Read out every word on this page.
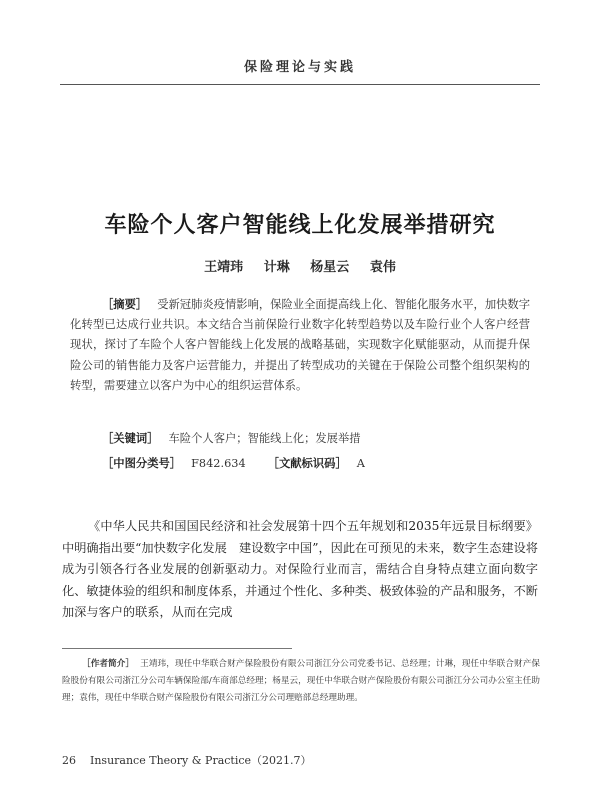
保险理论与实践
车险个人客户智能线上化发展举措研究
王靖玮 计琳 杨星云 袁伟
［摘要］ 受新冠肺炎疫情影响，保险业全面提高线上化、智能化服务水平，加快数字化转型已达成行业共识。本文结合当前保险行业数字化转型趋势以及车险行业个人客户经营现状，探讨了车险个人客户智能线上化发展的战略基础，实现数字化赋能驱动，从而提升保险公司的销售能力及客户运营能力，并提出了转型成功的关键在于保险公司整个组织架构的转型，需要建立以客户为中心的组织运营体系。
［关键词］ 车险个人客户；智能线上化；发展举措
［中图分类号］ F842.634 ［文献标识码］ A
《中华人民共和国国民经济和社会发展第十四个五年规划和2035年远景目标纲要》中明确指出要“加快数字化发展　建设数字中国”，因此在可预见的未来，数字生态建设将成为引领各行各业发展的创新驱动力。对保险行业而言，需结合自身特点建立面向数字化、敏捷体验的组织和制度体系，并通过个性化、多种类、极致体验的产品和服务，不断加深与客户的联系，从而在完成
［作者简介］ 王靖玮，现任中华联合财产保险股份有限公司浙江分公司党委书记、总经理；计琳，现任中华联合财产保险股份有限公司浙江分公司车辆保险部/车商部总经理；杨星云，现任中华联合财产保险股份有限公司浙江分公司办公室主任助理；袁伟，现任中华联合财产保险股份有限公司浙江分公司理赔部总经理助理。
26 Insurance Theory & Practice（2021.7）
